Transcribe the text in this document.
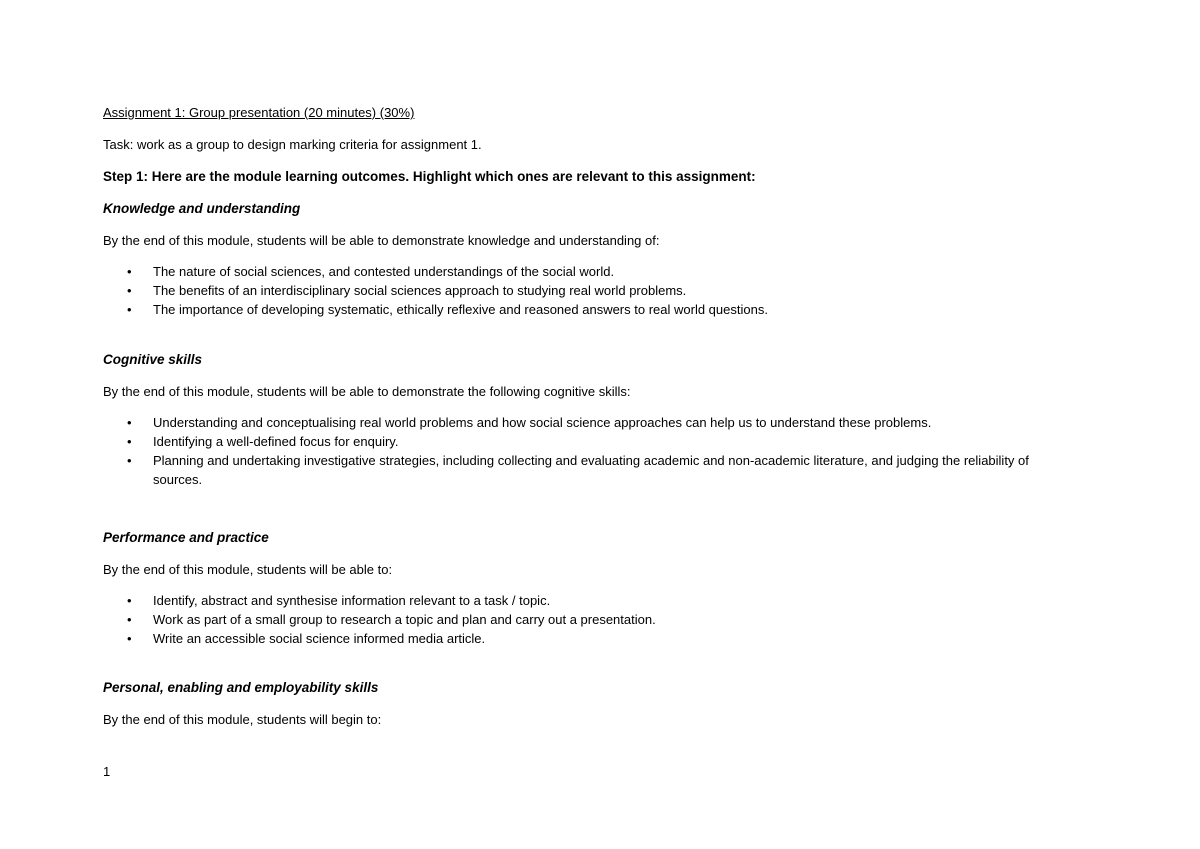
Assignment 1: Group presentation (20 minutes) (30%)
Task: work as a group to design marking criteria for assignment 1.
Step 1: Here are the module learning outcomes. Highlight which ones are relevant to this assignment:
Knowledge and understanding
By the end of this module, students will be able to demonstrate knowledge and understanding of:
• The nature of social sciences, and contested understandings of the social world.
• The benefits of an interdisciplinary social sciences approach to studying real world problems.
• The importance of developing systematic, ethically reflexive and reasoned answers to real world questions.
Cognitive skills
By the end of this module, students will be able to demonstrate the following cognitive skills:
• Understanding and conceptualising real world problems and how social science approaches can help us to understand these problems.
• Identifying a well-defined focus for enquiry.
• Planning and undertaking investigative strategies, including collecting and evaluating academic and non-academic literature, and judging the reliability of sources.
Performance and practice
By the end of this module, students will be able to:
• Identify, abstract and synthesise information relevant to a task / topic.
• Work as part of a small group to research a topic and plan and carry out a presentation.
• Write an accessible social science informed media article.
Personal, enabling and employability skills
By the end of this module, students will begin to:
1
